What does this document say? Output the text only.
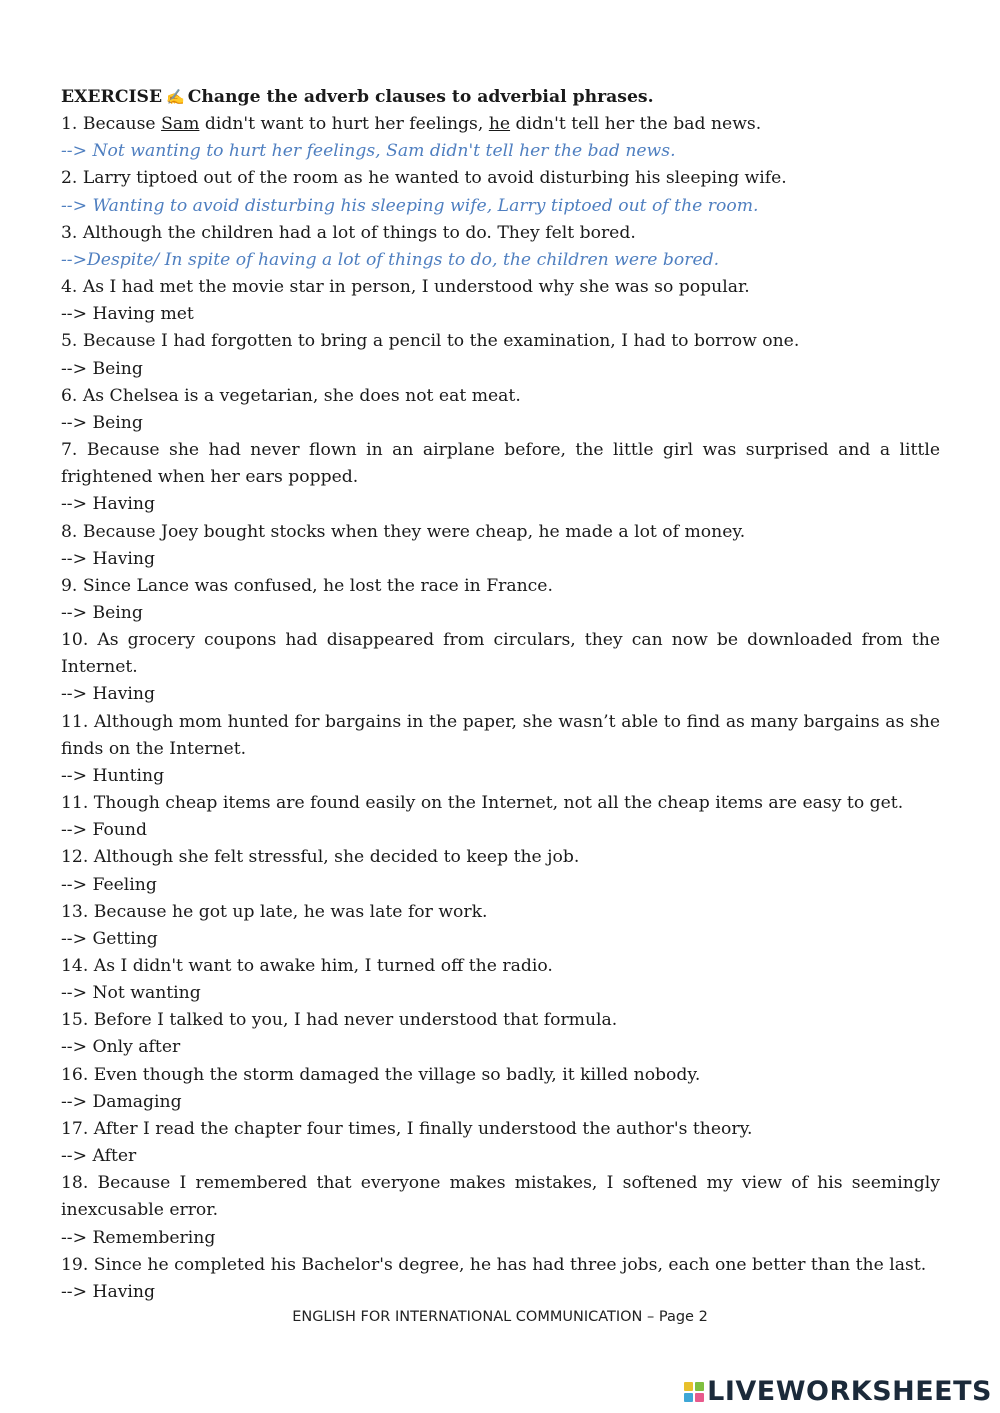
EXERCISE ✍ Change the adverb clauses to adverbial phrases.

1. Because Sam didn't want to hurt her feelings, he didn't tell her the bad news.

--> Not wanting to hurt her feelings, Sam didn't tell her the bad news.

2. Larry tiptoed out of the room as he wanted to avoid disturbing his sleeping wife.

--> Wanting to avoid disturbing his sleeping wife, Larry tiptoed out of the room.

3. Although the children had a lot of things to do. They felt bored.

-->Despite/ In spite of having a lot of things to do, the children were bored.

4. As I had met the movie star in person, I understood why she was so popular.

--> Having met

5. Because I had forgotten to bring a pencil to the examination, I had to borrow one.

--> Being

6. As Chelsea is a vegetarian, she does not eat meat.

--> Being

7. Because she had never flown in an airplane before, the little girl was surprised and a little frightened when her ears popped.

--> Having

8. Because Joey bought stocks when they were cheap, he made a lot of money.

--> Having

9. Since Lance was confused, he lost the race in France.

--> Being

10. As grocery coupons had disappeared from circulars, they can now be downloaded from the Internet.

--> Having

11. Although mom hunted for bargains in the paper, she wasn’t able to find as many bargains as she finds on the Internet.

--> Hunting

11. Though cheap items are found easily on the Internet, not all the cheap items are easy to get.

--> Found

12. Although she felt stressful, she decided to keep the job.

--> Feeling

13. Because he got up late, he was late for work.

--> Getting

14. As I didn't want to awake him, I turned off the radio.

--> Not wanting

15. Before I talked to you, I had never understood that formula.

--> Only after

16. Even though the storm damaged the village so badly, it killed nobody.

--> Damaging

17. After I read the chapter four times, I finally understood the author's theory.

--> After

18. Because I remembered that everyone makes mistakes, I softened my view of his seemingly inexcusable error.

--> Remembering

19. Since he completed his Bachelor's degree, he has had three jobs, each one better than the last.

--> Having

ENGLISH FOR INTERNATIONAL COMMUNICATION – Page 2
LIVEWORKSHEETS
